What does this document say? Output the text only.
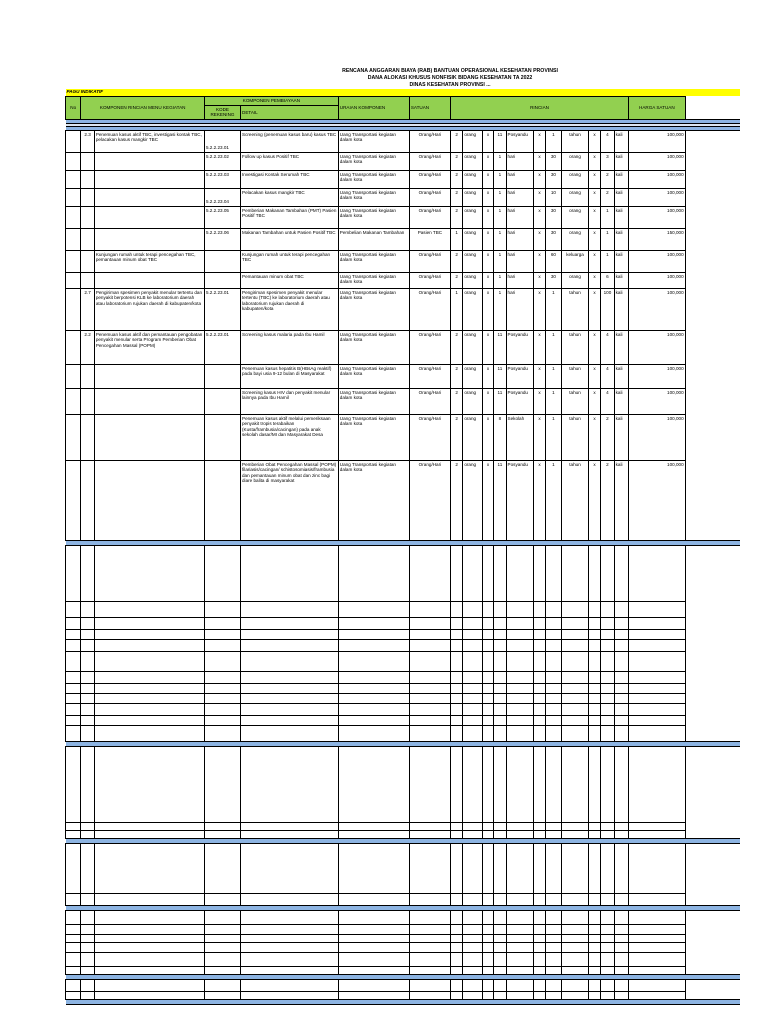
RENCANA ANGGARAN BIAYA (RAB) BANTUAN OPERASIONAL KESEHATAN PROVINSI
DANA ALOKASI KHUSUS NONFISIK BIDANG KESEHATAN TA 2022
DINAS KESEHATAN PROVINSI ...
PAGU INDIKATIF																			
No	KOMPONEN RINCIAN MENU KEGIATAN		KOMPONEN PEMBIAYAAN		URAIAN KOMPONEN	SATUAN	RINCIAN											HARGA SATUAN	
			KODE REKENING	DETAIL															

	2.3	Penemuan kasus aktif TBC, investigasi kontak TBC, pelacakan kasus mangkir TBC	5.2.2.23.01	Screening (penemuan kasus baru) kasus TBC	Uang Transportasi kegiatan dalam kota	Orang/Hari	2	orang	x	11	Posyandu	x	1	tahun	x	4	kali	100,000	
			5.2.2.23.02	Follow up kasus Positif TBC	Uang Transportasi kegiatan dalam kota	Orang/Hari	2	orang	x	1	hari	x	30	orang	x	3	kali	100,000	
			5.2.2.23.03	Investigasi Kontak Serumah TBC	Uang Transportasi kegiatan dalam kota	Orang/Hari	2	orang	x	1	hari	x	30	orang	x	2	kali	100,000	
			5.2.2.23.04	Pelacakan kasus mangkir TBC	Uang Transportasi kegiatan dalam kota	Orang/Hari	2	orang	x	1	hari	x	10	orang	x	2	kali	100,000	
			5.2.2.23.05	Pemberian Makanan Tambahan (PMT) Pasien Positif TBC	Uang Transportasi kegiatan dalam kota	Orang/Hari	2	orang	x	1	hari	x	30	orang	x	1	kali	100,000	
			5.2.2.23.06	Makanan Tambahan untuk Pasien Positif TBC	Pembelian Makanan Tambahan	Pasien TBC	1	orang	x	1	hari	x	30	orang	x	1	kali	150,000	
		Kunjungan rumah untuk terapi pencegahan TBC, pemantauan minum obat TBC		Kunjungan rumah untuk terapi pencegahan TBC	Uang Transportasi kegiatan dalam kota	Orang/Hari	2	orang	x	1	hari	x	60	keluarga	x	1	kali	100,000	
				Pemantauan minum obat TBC	Uang Transportasi kegiatan dalam kota	Orang/Hari	2	orang	x	1	hari	x	30	orang	x	6	kali	100,000	
	2.7	Pengiriman spesimen penyakit menular tertentu dan penyakit berpotensi KLB ke laboratorium daerah atau laboratorium rujukan daerah di kabupaten/kota	5.2.2.23.01	Pengiriman spesimen penyakit menular tertentu (TBC) ke laboratorium daerah atau laboratorium rujukan daerah di kabupaten/kota	Uang Transportasi kegiatan dalam kota	Orang/Hari	1	orang	x	1	hari	x	1	tahun	x	100	kali	100,000	
	2.2	Penemuan kasus aktif dan pemantauan pengobatan penyakit menular serta Program Pemberian Obat Pencegahan Massal (POPM)	5.2.2.23.01	Screening kasus malaria pada Ibu Hamil	Uang Transportasi kegiatan dalam kota	Orang/Hari	2	orang	x	11	Posyandu	x	1	tahun	x	4	kali	100,000	
				Penemuan kasus hepatitis B(HBsAg reaktif) pada bayi usia 9-12 bulan di Masyarakat	Uang Transportasi kegiatan dalam kota	Orang/Hari	2	orang	x	11	Posyandu	x	1	tahun	x	4	kali	100,000	
				Screening kasus HIV dan penyakit menular lainnya pada Ibu Hamil	Uang Transportasi kegiatan dalam kota	Orang/Hari	2	orang	x	11	Posyandu	x	1	tahun	x	4	kali	100,000	
				Penemuan kasus aktif melalui pemeriksaan penyakit tropis terabaikan (Kusta/frambusia/cacingan) pada anak sekolah dasar/MI dan Masyarakat Desa	Uang Transportasi kegiatan dalam kota	Orang/Hari	2	orang	x	8	Sekolah	x	1	tahun	x	2	kali	100,000	
				Pemberian Obat Pencegahan Massal (POPM) filariasis/cacingan/ schistosomiasis/frambusia dan pemantauan minum obat dan zinc bagi diare balita di masyarakat	Uang Transportasi kegiatan dalam kota	Orang/Hari	2	orang	x	11	Posyandu	x	1	tahun	x	2	kali	100,000	
